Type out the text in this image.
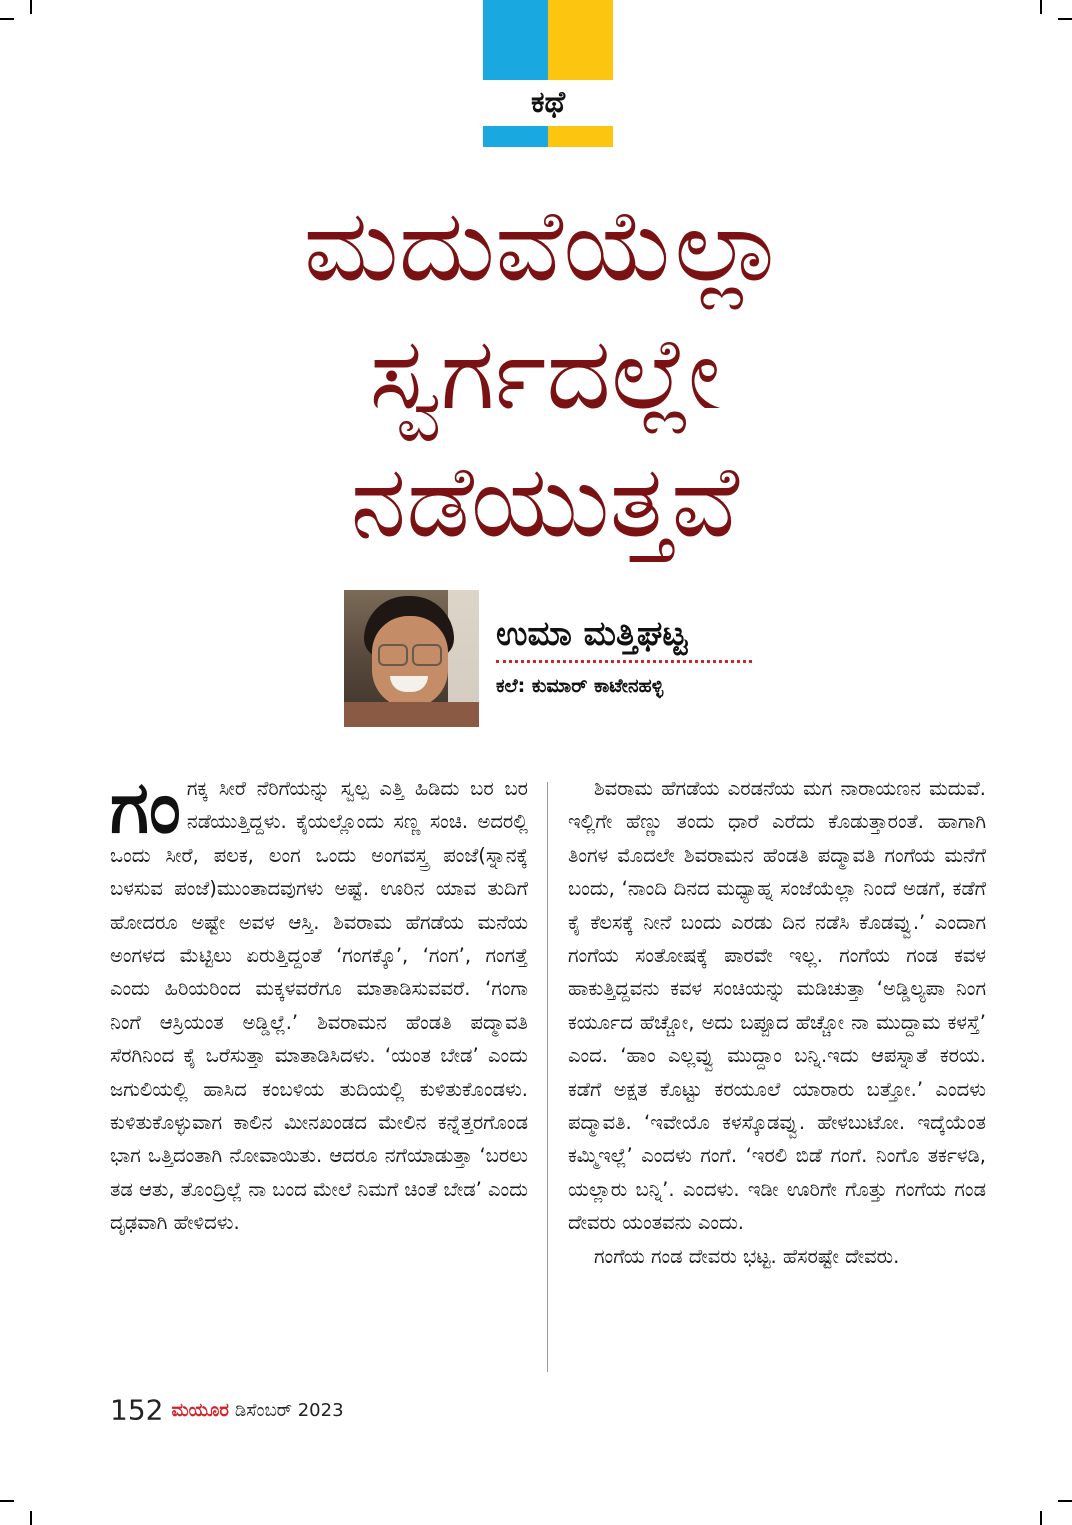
ಕಥೆ
ಮದುವೆಯೆಲ್ಲಾ
ಸ್ವರ್ಗದಲ್ಲೇ
ನಡೆಯುತ್ತವೆ
ಉಮಾ ಮತ್ತಿಘಟ್ಟ
ಕಲೆ: ಕುಮಾರ್ ಕಾಟೇನಹಳ್ಳಿ

ಗಂಗಕ್ಕ ಸೀರೆ ನೆರಿಗೆಯನ್ನು ಸ್ವಲ್ಪ ಎತ್ತಿ ಹಿಡಿದು ಬರ ಬರ ನಡೆಯುತ್ತಿದ್ದಳು. ಕೈಯಲ್ಲೊಂದು ಸಣ್ಣ ಸಂಚಿ. ಅದರಲ್ಲಿ ಒಂದು ಸೀರೆ, ಪಲಕ, ಲಂಗ ಒಂದು ಅಂಗವಸ್ತ್ರ ಪಂಜೆ(ಸ್ನಾನಕ್ಕೆ ಬಳಸುವ ಪಂಜೆ)ಮುಂತಾದವುಗಳು ಅಷ್ಟೆ. ಊರಿನ ಯಾವ ತುದಿಗೆ ಹೋದರೂ ಅಷ್ಟೇ ಅವಳ ಆಸ್ತಿ. ಶಿವರಾಮ ಹೆಗಡೆಯ ಮನೆಯ ಅಂಗಳದ ಮೆಟ್ಟಿಲು ಏರುತ್ತಿದ್ದಂತೆ ‘ಗಂಗಕ್ಕೊ’, ‘ಗಂಗ’, ಗಂಗತ್ತೆ ಎಂದು ಹಿರಿಯರಿಂದ ಮಕ್ಕಳವರೆಗೂ ಮಾತಾಡಿಸುವವರೆ. ‘ಗಂಗಾ ನಿಂಗೆ ಆಸ್ರಿಯಂತ ಅಡ್ಡಿಲ್ಲೆ.’ ಶಿವರಾಮನ ಹೆಂಡತಿ ಪದ್ಮಾವತಿ ಸೆರಗಿನಿಂದ ಕೈ ಒರೆಸುತ್ತಾ ಮಾತಾಡಿಸಿದಳು. ‘ಯಂತ ಬೇಡ’ ಎಂದು ಜಗುಲಿಯಲ್ಲಿ ಹಾಸಿದ ಕಂಬಳಿಯ ತುದಿಯಲ್ಲಿ ಕುಳಿತುಕೊಂಡಳು. ಕುಳಿತುಕೊಳ್ಳುವಾಗ ಕಾಲಿನ ಮೀನಖಂಡದ ಮೇಲಿನ ಕನ್ನೆತ್ತರಗೊಂಡ ಭಾಗ ಒತ್ತಿದಂತಾಗಿ ನೋವಾಯಿತು. ಆದರೂ ನಗೆಯಾಡುತ್ತಾ ‘ಬರಲು ತಡ ಆತು, ತೊಂದ್ರಿಲ್ಲೆ ನಾ ಬಂದ ಮೇಲೆ ನಿಮಗೆ ಚಿಂತೆ ಬೇಡ’ ಎಂದು ದೃಢವಾಗಿ ಹೇಳಿದಳು.

ಶಿವರಾಮ ಹೆಗಡೆಯ ಎರಡನೆಯ ಮಗ ನಾರಾಯಣನ ಮದುವೆ. ಇಲ್ಲಿಗೇ ಹೆಣ್ಣು ತಂದು ಧಾರೆ ಎರೆದು ಕೊಡುತ್ತಾರಂತೆ. ಹಾಗಾಗಿ ತಿಂಗಳ ಮೊದಲೇ ಶಿವರಾಮನ ಹೆಂಡತಿ ಪದ್ಮಾವತಿ ಗಂಗೆಯ ಮನೆಗೆ ಬಂದು, ‘ನಾಂದಿ ದಿನದ ಮಧ್ಯಾಹ್ನ ಸಂಜೆಯೆಲ್ಲಾ ನಿಂದೆ ಅಡಗೆ, ಕಡೆಗೆ ಕೈ ಕೆಲಸಕ್ಕೆ ನೀನೆ ಬಂದು ಎರಡು ದಿನ ನಡೆಸಿ ಕೊಡವ್ವು.’ ಎಂದಾಗ ಗಂಗೆಯ ಸಂತೋಷಕ್ಕೆ ಪಾರವೇ ಇಲ್ಲ. ಗಂಗೆಯ ಗಂಡ ಕವಳ ಹಾಕುತ್ತಿದ್ದವನು ಕವಳ ಸಂಚಿಯನ್ನು ಮಡಿಚುತ್ತಾ ‘ಅಡ್ಡಿಲ್ಯಪಾ ನಿಂಗ ಕರ್ಯೂದ ಹೆಚ್ಚೋ, ಅದು ಬಪ್ಪೂದ ಹೆಚ್ಚೋ ನಾ ಮುದ್ದಾಮ ಕಳಸ್ತೆ’ ಎಂದ. ‘ಹಾಂ ಎಲ್ಲವ್ವು ಮುದ್ದಾಂ ಬನ್ನಿ.ಇದು ಆಪಸ್ನಾತೆ ಕರಯ. ಕಡೆಗೆ ಅಕ್ಷತ ಕೊಟ್ಟು ಕರಯೂಲೆ ಯಾರಾರು ಬತ್ತೋ.’ ಎಂದಳು ಪದ್ಮಾವತಿ. ‘ಇವೇಯೊ ಕಳಸ್ಕೊಡವ್ವು. ಹೇಳಬುಟೋ. ಇದ್ಕೆಯೆಂತ ಕಮ್ಮಿಇಲ್ಲೆ’ ಎಂದಳು ಗಂಗೆ. ‘ಇರಲಿ ಬಿಡೆ ಗಂಗೆ. ನಿಂಗೊ ತರ್ಕಳಡಿ, ಯಲ್ಲಾರು ಬನ್ನಿ’. ಎಂದಳು. ಇಡೀ ಊರಿಗೇ ಗೊತ್ತು ಗಂಗೆಯ ಗಂಡ ದೇವರು ಯಂತವನು ಎಂದು.

ಗಂಗೆಯ ಗಂಡ ದೇವರು ಭಟ್ಟ. ಹೆಸರಷ್ಟೇ ದೇವರು.

152 ಮಯೂರ ಡಿಸೆಂಬರ್ 2023
